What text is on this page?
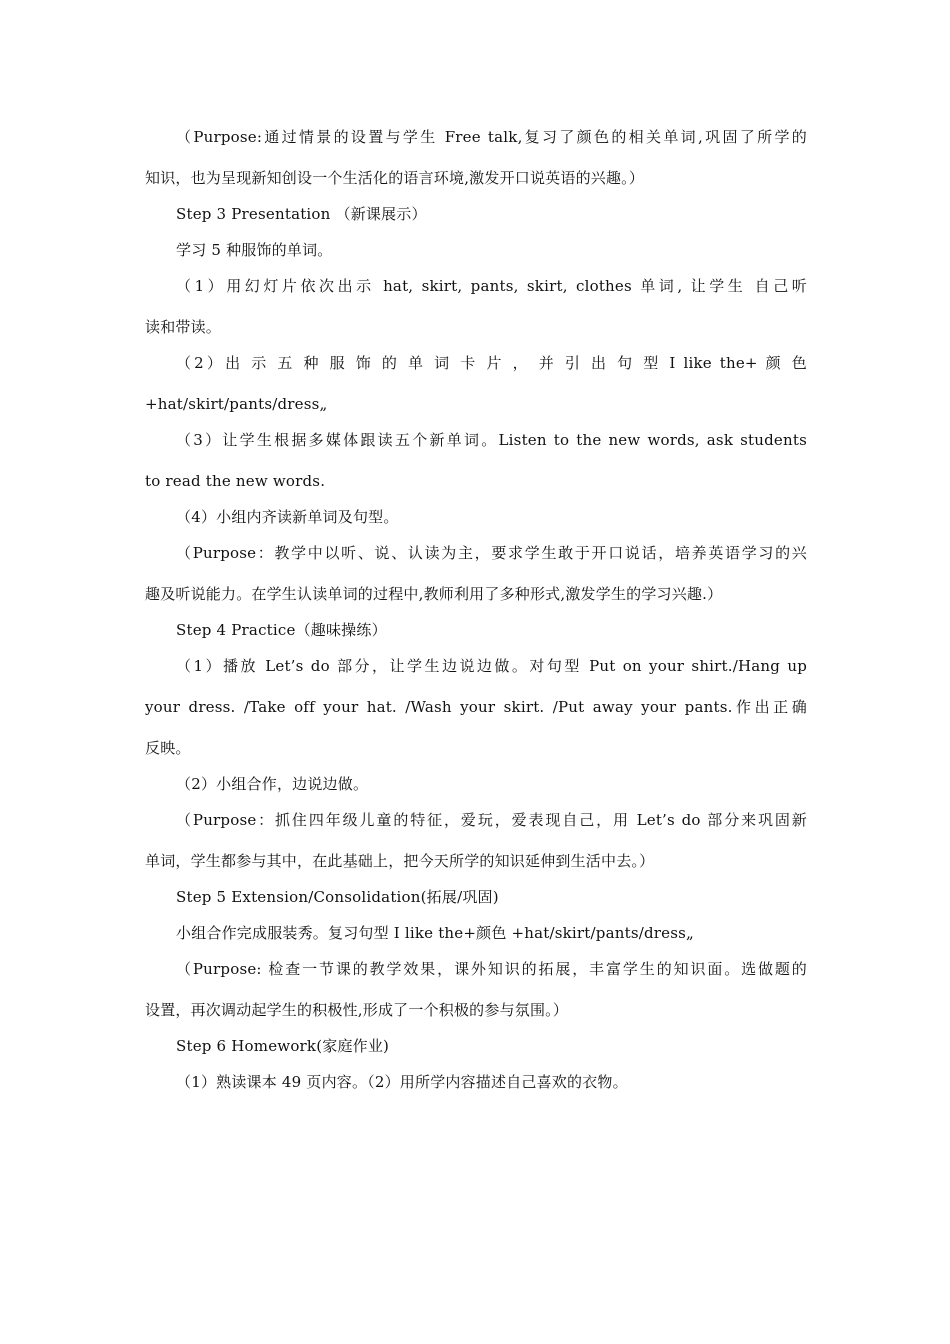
（Purpose:通过情景的设置与学生 Free talk,复习了颜色的相关单词,巩固了所学的
知识，也为呈现新知创设一个生活化的语言环境,激发开口说英语的兴趣。）
Step 3 Presentation （新课展示）
学习 5 种服饰的单词。
（1）用幻灯片依次出示 hat, skirt, pants, skirt, clothes 单词, 让学生 自己听
读和带读。
（2）出 示 五 种 服 饰 的 单 词 卡 片 ， 并 引 出 句 型 I like the+ 颜 色
+hat/skirt/pants/dress„
（3）让学生根据多媒体跟读五个新单词。Listen to the new words, ask students
to read the new words.
（4）小组内齐读新单词及句型。
（Purpose：教学中以听、说、认读为主，要求学生敢于开口说话，培养英语学习的兴
趣及听说能力。在学生认读单词的过程中,教师利用了多种形式,激发学生的学习兴趣.）
Step 4 Practice（趣味操练）
（1）播放 Let’s do 部分，让学生边说边做。对句型 Put on your shirt./Hang up
your dress. /Take off your hat. /Wash your skirt. /Put away your pants.作出正确
反映。
（2）小组合作，边说边做。
（Purpose：抓住四年级儿童的特征，爱玩，爱表现自己，用 Let’s do 部分来巩固新
单词，学生都参与其中，在此基础上，把今天所学的知识延伸到生活中去。）
Step 5 Extension/Consolidation(拓展/巩固)
小组合作完成服装秀。复习句型 I like the+颜色 +hat/skirt/pants/dress„
（Purpose: 检查一节课的教学效果，课外知识的拓展，丰富学生的知识面。选做题的
设置，再次调动起学生的积极性,形成了一个积极的参与氛围。）
Step 6 Homework(家庭作业)
（1）熟读课本 49 页内容。（2）用所学内容描述自己喜欢的衣物。
